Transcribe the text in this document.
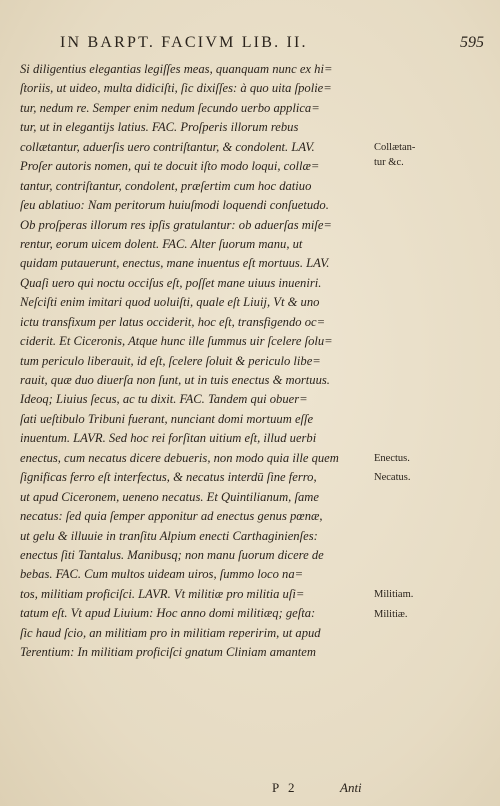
IN BARPT. FACIVM LIB. II.	595
Si diligentius elegantias legiſſes meas, quanquam nunc ex hi=
ſtoriis, ut uideo, multa didiciſti, ſic dixiſſes: à quo uita ſpolie=
tur, nedum re. Semper enim nedum ſecundo uerbo applica=
tur, ut in elegantijs latius. FAC. Proſperis illorum rebus
collætantur, aduerſis uero contriſtantur, & condolent. LAV.
Proſer autoris nomen, qui te docuit iſto modo loqui, collæ=
tantur, contriſtantur, condolent, præſertim cum hoc datiuo
ſeu ablatiuo: Nam peritorum huiuſmodi loquendi conſuetudo.
Ob proſperas illorum res ipſis gratulantur: ob aduerſas miſe=
rentur, eorum uicem dolent. FAC. Alter ſuorum manu, ut
quidam putauerunt, enectus, mane inuentus eſt mortuus. LAV.
Quaſi uero qui noctu occiſus eſt, poſſet mane uiuus inueniri.
Neſciſti enim imitari quod uoluiſti, quale eſt Liuij, Vt & uno
ictu transfixum per latus occiderit, hoc eſt, transfigendo oc=
ciderit. Et Ciceronis, Atque hunc ille ſummus uir ſcelere ſolu=
tum periculo liberauit, id eſt, ſcelere ſoluit & periculo libe=
rauit, quæ duo diuerſa non ſunt, ut in tuis enectus & mortuus.
Ideoq; Liuius ſecus, ac tu dixit. FAC. Tandem qui obuer=
ſati ueſtibulo Tribuni fuerant, nunciant domi mortuum eſſe
inuentum. LAVR. Sed hoc rei forſitan uitium eſt, illud uerbi
enectus, cum necatus dicere debueris, non modo quia ille quem
ſignificas ferro eſt interfectus, & necatus interdū ſine ferro,
ut apud Ciceronem, ueneno necatus. Et Quintilianum, ſame
necatus: ſed quia ſemper apponitur ad enectus genus pœnæ,
ut gelu & illuuie in tranſitu Alpium enecti Carthaginienſes:
enectus ſiti Tantalus. Manibusq; non manu ſuorum dicere de
bebas. FAC. Cum multos uideam uiros, ſummo loco na=
tos, militiam proficiſci. LAVR. Vt militiæ pro militia uſi=
tatum eſt. Vt apud Liuium: Hoc anno domi militiæq; geſta:
ſic haud ſcio, an militiam pro in militiam reperirim, ut apud
Terentium: In militiam proficiſci gnatum Cliniam amantem
Collætan-
tur &c.
Enectus.
Necatus.
Militiam.
Militiæ.
P 2	Anti
